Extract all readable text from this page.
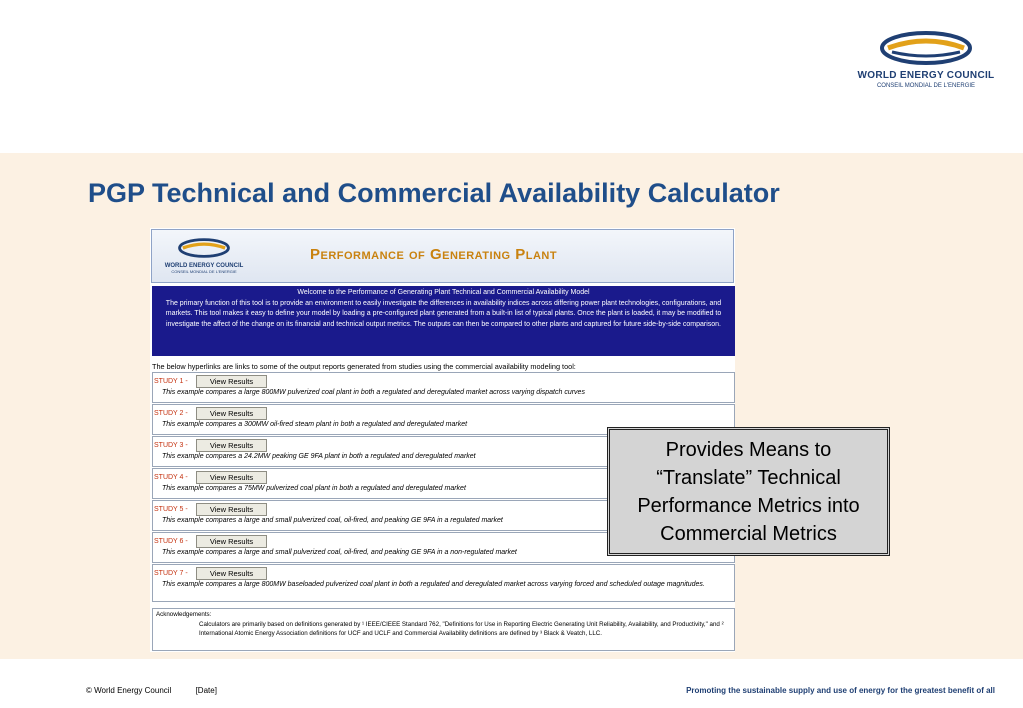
WORLD ENERGY COUNCIL
CONSEIL MONDIAL DE L'ENERGIE
PGP Technical and Commercial Availability Calculator
WORLD ENERGY COUNCIL
CONSEIL MONDIAL DE L'ENERGIE
Performance of Generating Plant
Welcome to the Performance of Generating Plant Technical and Commercial Availability Model
The primary function of this tool is to provide an environment to easily investigate the differences in availability indices across differing power plant technologies, configurations, and markets. This tool makes it easy to define your model by loading a pre-configured plant generated from a built-in list of typical plants. Once the plant is loaded, it may be modified to investigate the affect of the change on its financial and technical output metrics. The outputs can then be compared to other plants and captured for future side-by-side comparison.
The below hyperlinks are links to some of the output reports generated from studies using the commercial availability modeling tool:
STUDY 1 -	View Results
This example compares a large 800MW pulverized coal plant in both a regulated and deregulated market across varying dispatch curves
STUDY 2 -	View Results
This example compares a 300MW oil-fired steam plant in both a regulated and deregulated market
STUDY 3 -	View Results
This example compares a 24.2MW peaking GE 9FA plant in both a regulated and deregulated market
STUDY 4 -	View Results
This example compares a 75MW pulverized coal plant in both a regulated and deregulated market
STUDY 5 -	View Results
This example compares a large and small pulverized coal, oil-fired, and peaking GE 9FA in a regulated market
STUDY 6 -	View Results
This example compares a large and small pulverized coal, oil-fired, and peaking GE 9FA in a non-regulated market
STUDY 7 -	View Results
This example compares a large 800MW baseloaded pulverized coal plant in both a regulated and deregulated market across varying forced and scheduled outage magnitudes.
Acknowledgements:
Calculators are primarily based on definitions generated by ¹ IEEE/CIEEE Standard 762, "Definitions for Use in Reporting Electric Generating Unit Reliability, Availability, and Productivity," and ² International Atomic Energy Association definitions for UCF and UCLF and Commercial Availability definitions are defined by ³ Black & Veatch, LLC.
Provides Means to “Translate” Technical Performance Metrics into Commercial Metrics
© World Energy Council	[Date]	Promoting the sustainable supply and use of energy for the greatest benefit of all
